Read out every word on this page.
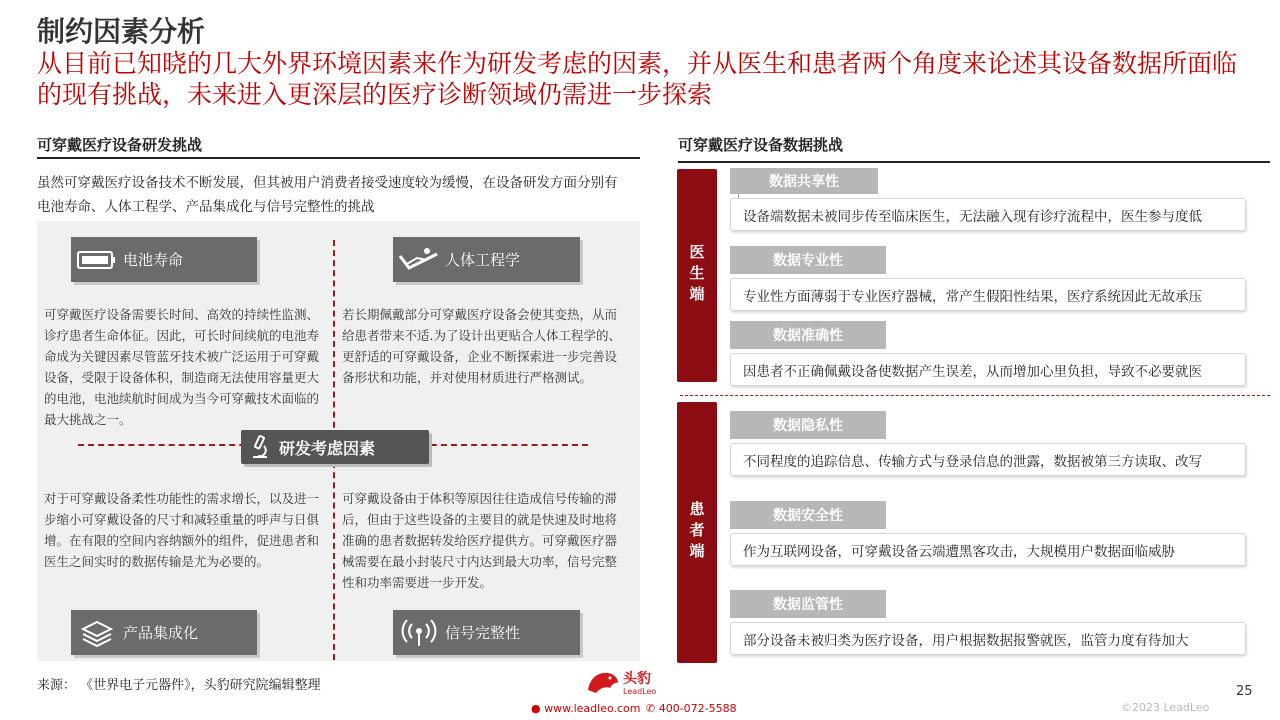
制约因素分析
从目前已知晓的几大外界环境因素来作为研发考虑的因素，并从医生和患者两个角度来论述其设备数据所面临的现有挑战，未来进入更深层的医疗诊断领域仍需进一步探索
可穿戴医疗设备研发挑战
虽然可穿戴医疗设备技术不断发展，但其被用户消费者接受速度较为缓慢，在设备研发方面分别有电池寿命、人体工程学、产品集成化与信号完整性的挑战
电池寿命	人体工程学
产品集成化	信号完整性
可穿戴医疗设备需要长时间、高效的持续性监测、诊疗患者生命体征。因此，可长时间续航的电池寿命成为关键因素尽管蓝牙技术被广泛运用于可穿戴设备，受限于设备体积，制造商无法使用容量更大的电池，电池续航时间成为当今可穿戴技术面临的最大挑战之一。
若长期佩戴部分可穿戴医疗设备会使其变热，从而给患者带来不适.为了设计出更贴合人体工程学的、更舒适的可穿戴设备，企业不断探索进一步完善设备形状和功能，并对使用材质进行严格测试。
对于可穿戴设备柔性功能性的需求增长，以及进一步缩小可穿戴设备的尺寸和减轻重量的呼声与日俱增。在有限的空间内容纳额外的组件，促进患者和医生之间实时的数据传输是尤为必要的。
可穿戴设备由于体积等原因往往造成信号传输的滞后，但由于这些设备的主要目的就是快速及时地将准确的患者数据转发给医疗提供方。可穿戴医疗器械需要在最小封装尺寸内达到最大功率，信号完整性和功率需要进一步开发。
研发考虑因素
可穿戴医疗设备数据挑战
医生端
患者端
数据共享性
设备端数据未被同步传至临床医生，无法融入现有诊疗流程中，医生参与度低
数据专业性
专业性方面薄弱于专业医疗器械，常产生假阳性结果，医疗系统因此无故承压
数据准确性
因患者不正确佩戴设备使数据产生误差，从而增加心里负担，导致不必要就医
数据隐私性
不同程度的追踪信息、传输方式与登录信息的泄露，数据被第三方读取、改写
数据安全性
作为互联网设备，可穿戴设备云端遭黑客攻击，大规模用户数据面临威胁
数据监管性
部分设备未被归类为医疗设备，用户根据数据报警就医，监管力度有待加大
来源： 《世界电子元器件》，头豹研究院编辑整理	头豹
LeadLeo
● www.leadleo.com ✆ 400-072-5588
25
©2023 LeadLeo
